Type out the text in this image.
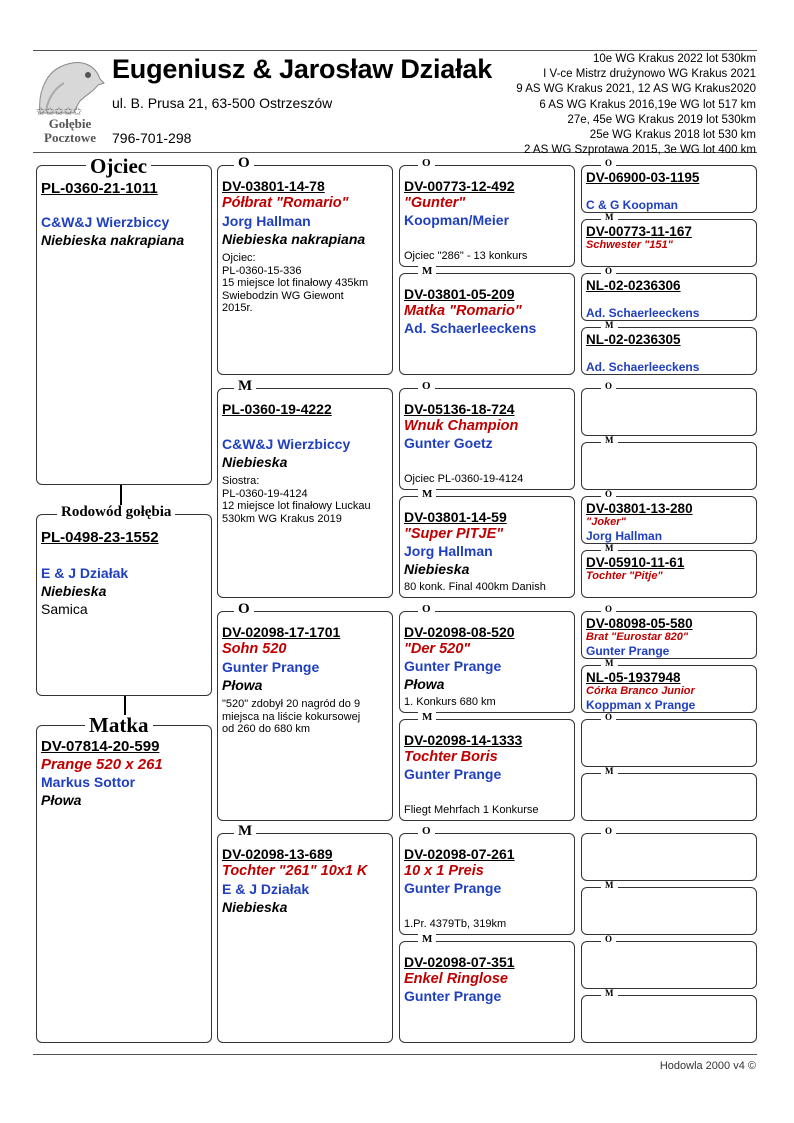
✩✩✩✩✩
Gołębie Pocztowe
Eugeniusz & Jarosław Działak
ul. B. Prusa 21, 63-500 Ostrzeszów
796-701-298
10e WG Krakus 2022 lot 530km
I V-ce Mistrz drużynowo WG Krakus 2021
9 AS WG Krakus 2021, 12 AS WG Krakus2020
6 AS WG Krakus 2016,19e WG lot 517 km
27e, 45e WG Krakus 2019 lot 530km
25e WG Krakus 2018 lot 530 km
2 AS WG Szprotawa 2015, 3e WG lot 400 km
PL-0360-21-1011
C&W&J Wierzbiccy
Niebieska nakrapiana
Ojciec
PL-0498-23-1552
E & J Działak
Niebieska
Samica
Rodowód gołębia
DV-07814-20-599
Prange 520 x 261
Markus Sottor
Płowa
Matka
Hodowla 2000 v4 ©
DV-03801-14-78
Półbrat "Romario"
Jorg Hallman
Niebieska nakrapiana
Ojciec:
PL-0360-15-336
15 miejsce lot finałowy 435km
Swiebodzin WG Giewont
2015r.
O
PL-0360-19-4222
C&W&J Wierzbiccy
Niebieska
Siostra:
PL-0360-19-4124
12 miejsce lot finałowy Luckau
530km WG Krakus 2019
M
DV-02098-17-1701
Sohn 520
Gunter Prange
Płowa
"520" zdobył 20 nagród do 9
miejsca na liście kokursowej
od 260 do 680 km
O
DV-02098-13-689
Tochter "261" 10x1 K
E & J Działak
Niebieska
M
DV-00773-12-492
"Gunter"
Koopman/Meier
Ojciec "286" - 13 konkurs
O
DV-03801-05-209
Matka "Romario"
Ad. Schaerleeckens
M
DV-05136-18-724
Wnuk Champion
Gunter Goetz
Ojciec PL-0360-19-4124
O
DV-03801-14-59
"Super PITJE"
Jorg Hallman
Niebieska
80 konk. Final 400km Danish
M
DV-02098-08-520
"Der 520"
Gunter Prange
Płowa
1. Konkurs 680 km
O
DV-02098-14-1333
Tochter Boris
Gunter Prange
Fliegt Mehrfach 1 Konkurse
M
DV-02098-07-261
10 x 1 Preis
Gunter Prange
1.Pr. 4379Tb, 319km
O
DV-02098-07-351
Enkel Ringlose
Gunter Prange
M
DV-06900-03-1195
C & G Koopman
O
DV-00773-11-167
Schwester "151"
M
NL-02-0236306
Ad. Schaerleeckens
O
NL-02-0236305
Ad. Schaerleeckens
M
O
M
DV-03801-13-280
"Joker"
Jorg Hallman
O
DV-05910-11-61
Tochter "Pitje"
M
DV-08098-05-580
Brat "Eurostar 820"
Gunter Prange
O
NL-05-1937948
Córka Branco Junior
Koppman x Prange
M
O
M
O
M
O
M
